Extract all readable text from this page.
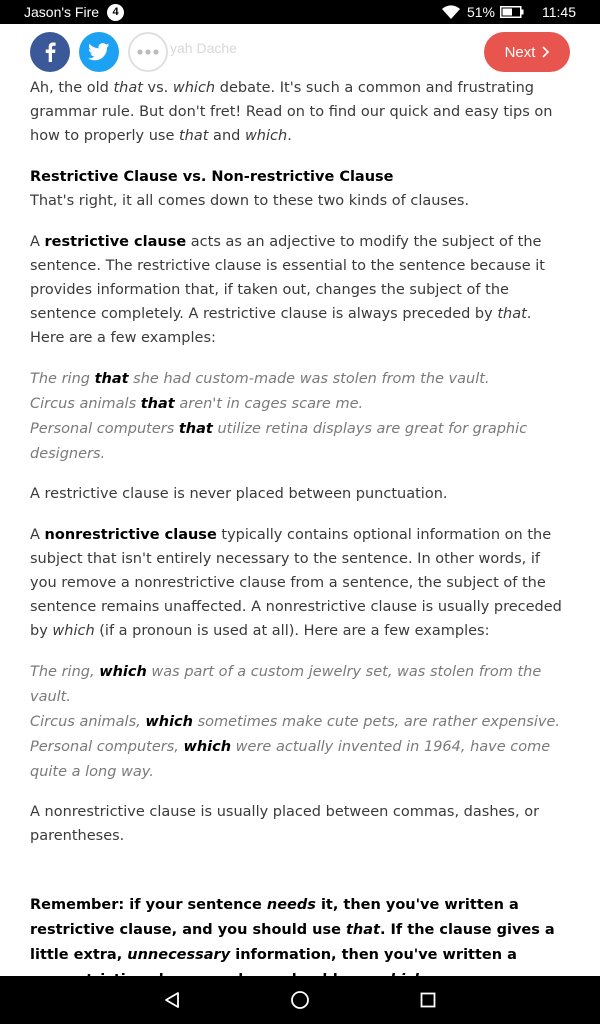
Jason's Fire	4	51%	11:45
yah Dache	Next

Ah, the old that vs. which debate. It's such a common and frustrating grammar rule. But don't fret! Read on to find our quick and easy tips on how to properly use that and which.

Restrictive Clause vs. Non-restrictive Clause

That's right, it all comes down to these two kinds of clauses.

A restrictive clause acts as an adjective to modify the subject of the sentence. The restrictive clause is essential to the sentence because it provides information that, if taken out, changes the subject of the sentence completely. A restrictive clause is always preceded by that. Here are a few examples:

The ring that she had custom-made was stolen from the vault.
Circus animals that aren't in cages scare me.
Personal computers that utilize retina displays are great for graphic designers.

A restrictive clause is never placed between punctuation.

A nonrestrictive clause typically contains optional information on the subject that isn't entirely necessary to the sentence. In other words, if you remove a nonrestrictive clause from a sentence, the subject of the sentence remains unaffected. A nonrestrictive clause is usually preceded by which (if a pronoun is used at all). Here are a few examples:

The ring, which was part of a custom jewelry set, was stolen from the vault.
Circus animals, which sometimes make cute pets, are rather expensive.
Personal computers, which were actually invented in 1964, have come quite a long way.

A nonrestrictive clause is usually placed between commas, dashes, or parentheses.

Remember: if your sentence needs it, then you've written a restrictive clause, and you should use that. If the clause gives a little extra, unnecessary information, then you've written a
